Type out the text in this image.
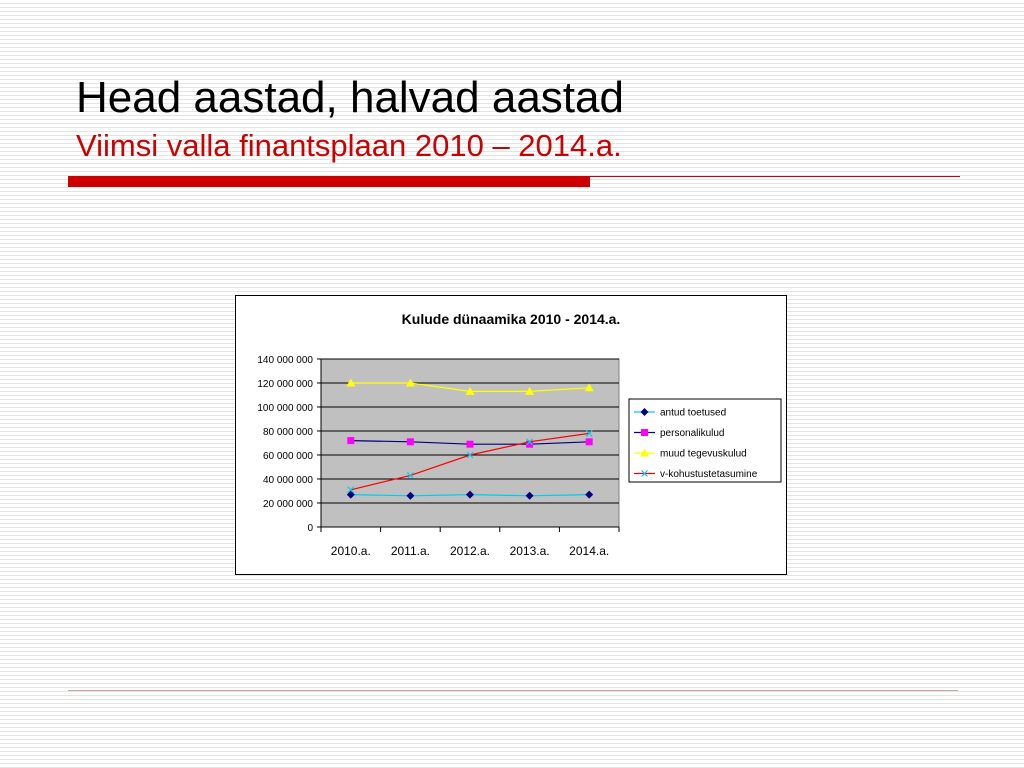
Head aastad, halvad aastad
Viimsi valla finantsplaan 2010 – 2014.a.
Kulude dünaamika 2010 - 2014.a.
0
20 000 000
40 000 000
60 000 000
80 000 000
100 000 000
120 000 000
140 000 000
2010.a. 2011.a. 2012.a. 2013.a. 2014.a.
antud toetused
personalikulud
muud tegevuskulud
v-kohustustetasumine
